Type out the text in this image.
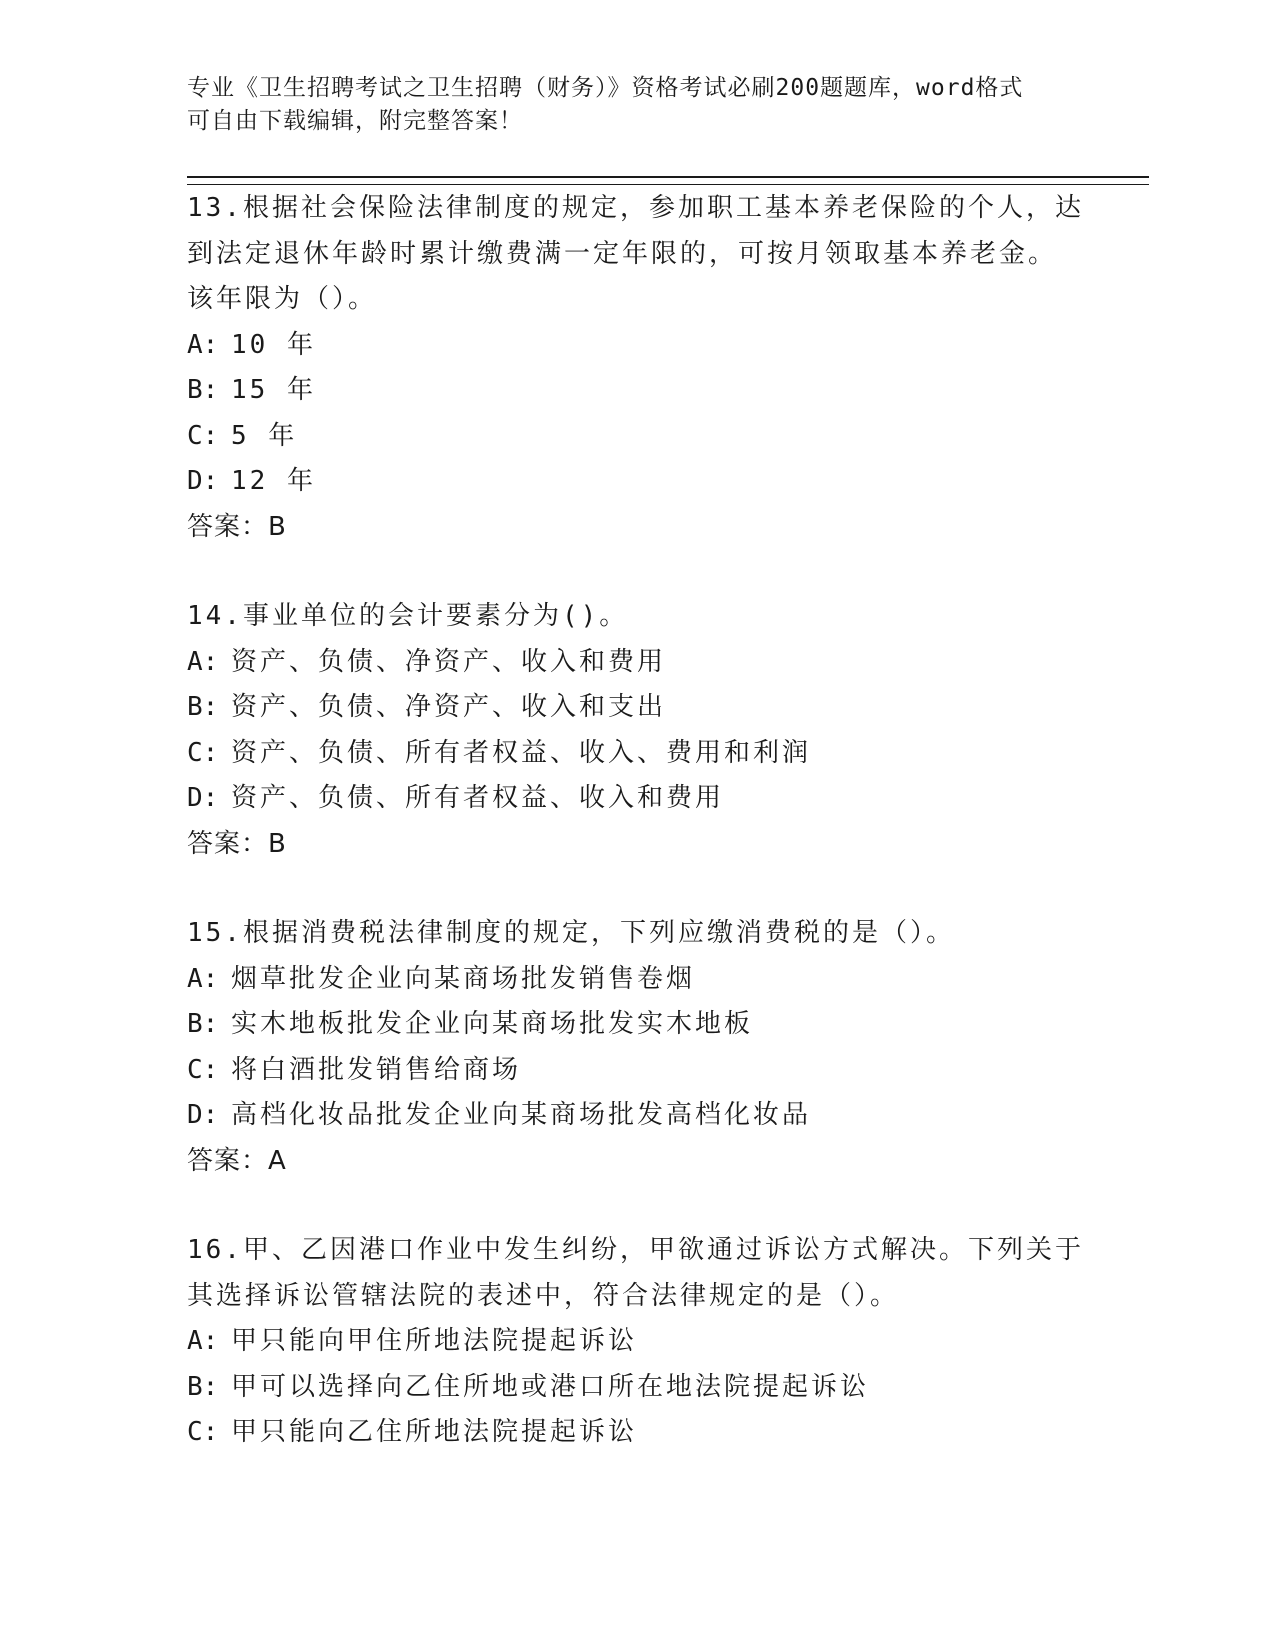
专业《卫生招聘考试之卫生招聘（财务）》资格考试必刷200题题库，word格式
可自由下载编辑，附完整答案！
13.根据社会保险法律制度的规定，参加职工基本养老保险的个人，达
到法定退休年龄时累计缴费满一定年限的，可按月领取基本养老金。
该年限为（）。
A: 10 年
B: 15 年
C: 5 年
D: 12 年
答案：B
14.事业单位的会计要素分为()。
A: 资产、负债、净资产、收入和费用
B: 资产、负债、净资产、收入和支出
C: 资产、负债、所有者权益、收入、费用和利润
D: 资产、负债、所有者权益、收入和费用
答案：B
15.根据消费税法律制度的规定，下列应缴消费税的是（）。
A: 烟草批发企业向某商场批发销售卷烟
B: 实木地板批发企业向某商场批发实木地板
C: 将白酒批发销售给商场
D: 高档化妆品批发企业向某商场批发高档化妆品
答案：A
16.甲、乙因港口作业中发生纠纷，甲欲通过诉讼方式解决。下列关于
其选择诉讼管辖法院的表述中，符合法律规定的是（）。
A: 甲只能向甲住所地法院提起诉讼
B: 甲可以选择向乙住所地或港口所在地法院提起诉讼
C: 甲只能向乙住所地法院提起诉讼
